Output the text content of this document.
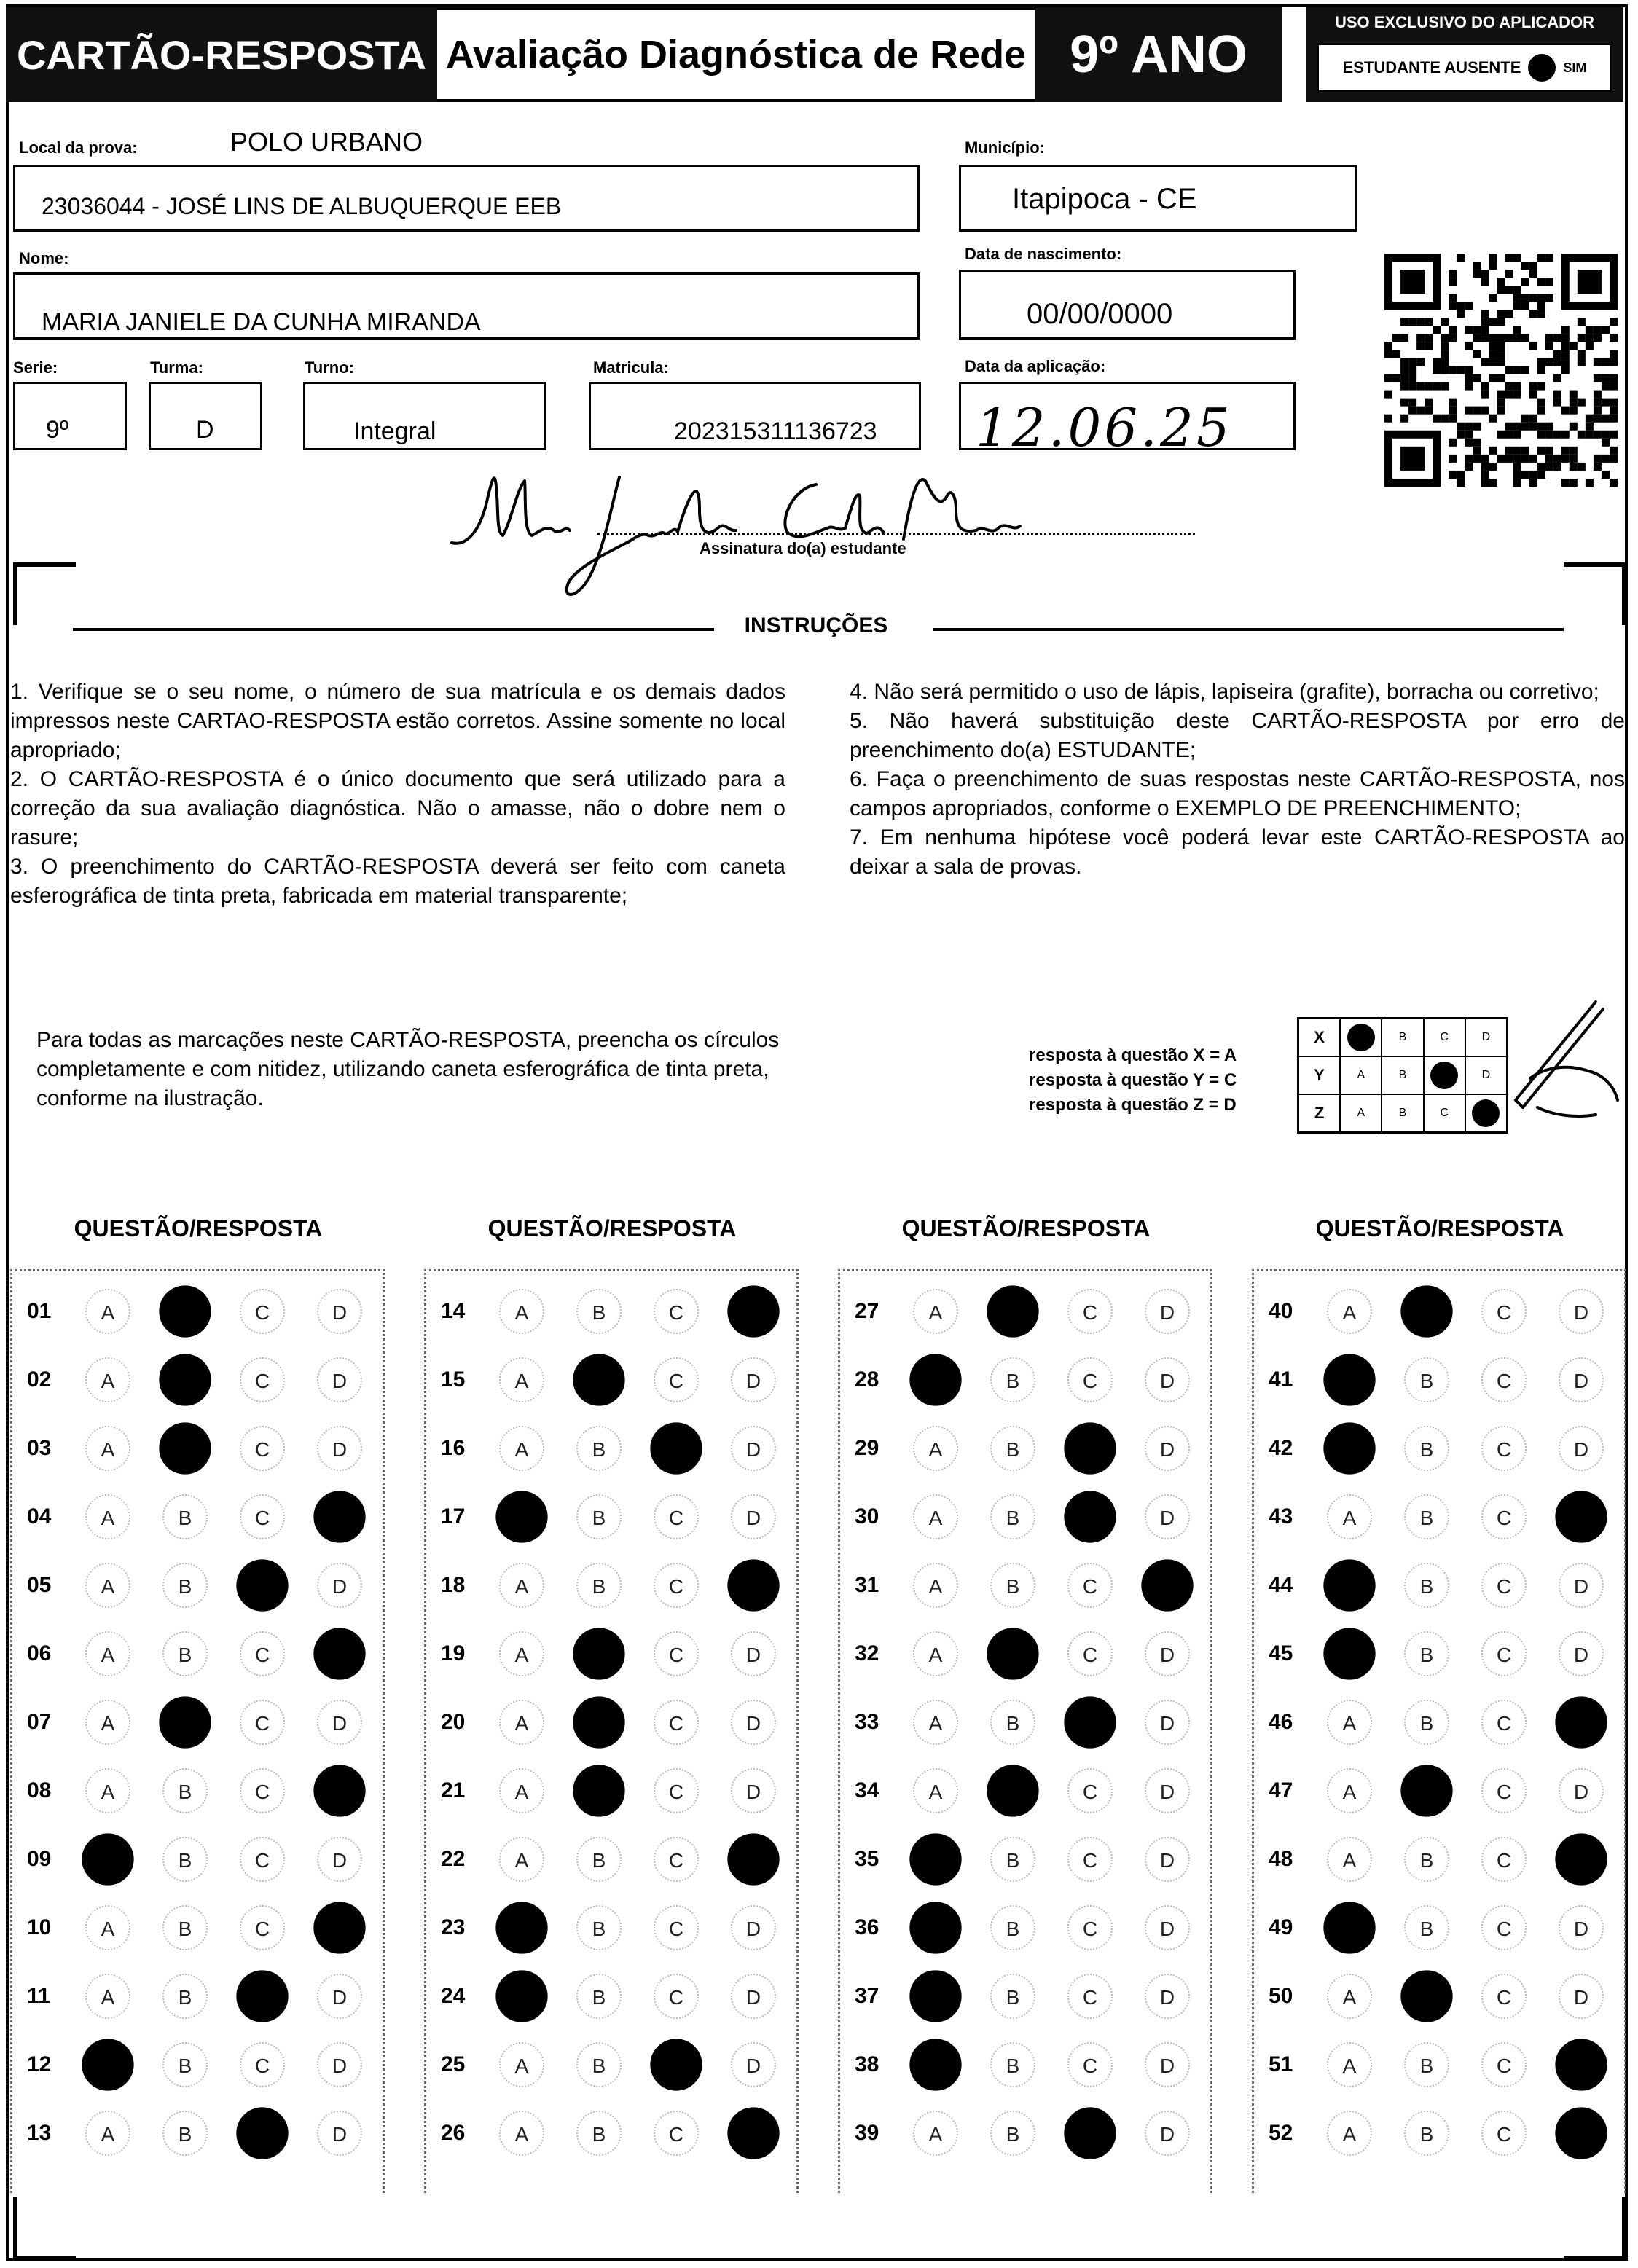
CARTÃO-RESPOSTA Avaliação Diagnóstica de Rede 9º ANO
USO EXCLUSIVO DO APLICADOR
ESTUDANTE AUSENTE	SIM
Local da prova:	POLO URBANO
23036044 - JOSÉ LINS DE ALBUQUERQUE EEB
Município:
Itapipoca - CE
Nome:
MARIA JANIELE DA CUNHA MIRANDA
Data de nascimento:
00/00/0000
Serie:
9º
Turma:
D
Turno:
Integral
Matricula:
202315311136723
Data da aplicação:
12.06.25
Assinatura do(a) estudante
INSTRUÇÕES

1. Verifique se o seu nome, o número de sua matrícula e os demais dados impressos neste CARTAO-RESPOSTA estão corretos. Assine somente no local apropriado;

2. O CARTÃO-RESPOSTA é o único documento que será utilizado para a correção da sua avaliação diagnóstica. Não o amasse, não o dobre nem o rasure;

3. O preenchimento do CARTÃO-RESPOSTA deverá ser feito com caneta esferográfica de tinta preta, fabricada em material transparente;

4. Não será permitido o uso de lápis, lapiseira (grafite), borracha ou corretivo;

5. Não haverá substituição deste CARTÃO-RESPOSTA por erro de preenchimento do(a) ESTUDANTE;

6. Faça o preenchimento de suas respostas neste CARTÃO-RESPOSTA, nos campos apropriados, conforme o EXEMPLO DE PREENCHIMENTO;

7. Em nenhuma hipótese você poderá levar este CARTÃO-RESPOSTA ao deixar a sala de provas.

Para todas as marcações neste CARTÃO-RESPOSTA, preencha os círculos completamente e com nitidez, utilizando caneta esferográfica de tinta preta, conforme na ilustração.
resposta à questão X = A
resposta à questão Y = C
resposta à questão Z = D
X	A	B	C	D
Y	A	B	C	D
Z	A	B	C	D
QUESTÃO/RESPOSTA	QUESTÃO/RESPOSTA	QUESTÃO/RESPOSTA	QUESTÃO/RESPOSTA
01	A	B	C	D
02	A	B	C	D
03	A	B	C	D
04	A	B	C	D
05	A	B	C	D
06	A	B	C	D
07	A	B	C	D
08	A	B	C	D
09	A	B	C	D
10	A	B	C	D
11	A	B	C	D
12	A	B	C	D
13	A	B	C	D
14	A	B	C	D
15	A	B	C	D
16	A	B	C	D
17	A	B	C	D
18	A	B	C	D
19	A	B	C	D
20	A	B	C	D
21	A	B	C	D
22	A	B	C	D
23	A	B	C	D
24	A	B	C	D
25	A	B	C	D
26	A	B	C	D
27	A	B	C	D
28	A	B	C	D
29	A	B	C	D
30	A	B	C	D
31	A	B	C	D
32	A	B	C	D
33	A	B	C	D
34	A	B	C	D
35	A	B	C	D
36	A	B	C	D
37	A	B	C	D
38	A	B	C	D
39	A	B	C	D
40	A	B	C	D
41	A	B	C	D
42	A	B	C	D
43	A	B	C	D
44	A	B	C	D
45	A	B	C	D
46	A	B	C	D
47	A	B	C	D
48	A	B	C	D
49	A	B	C	D
50	A	B	C	D
51	A	B	C	D
52	A	B	C	D
